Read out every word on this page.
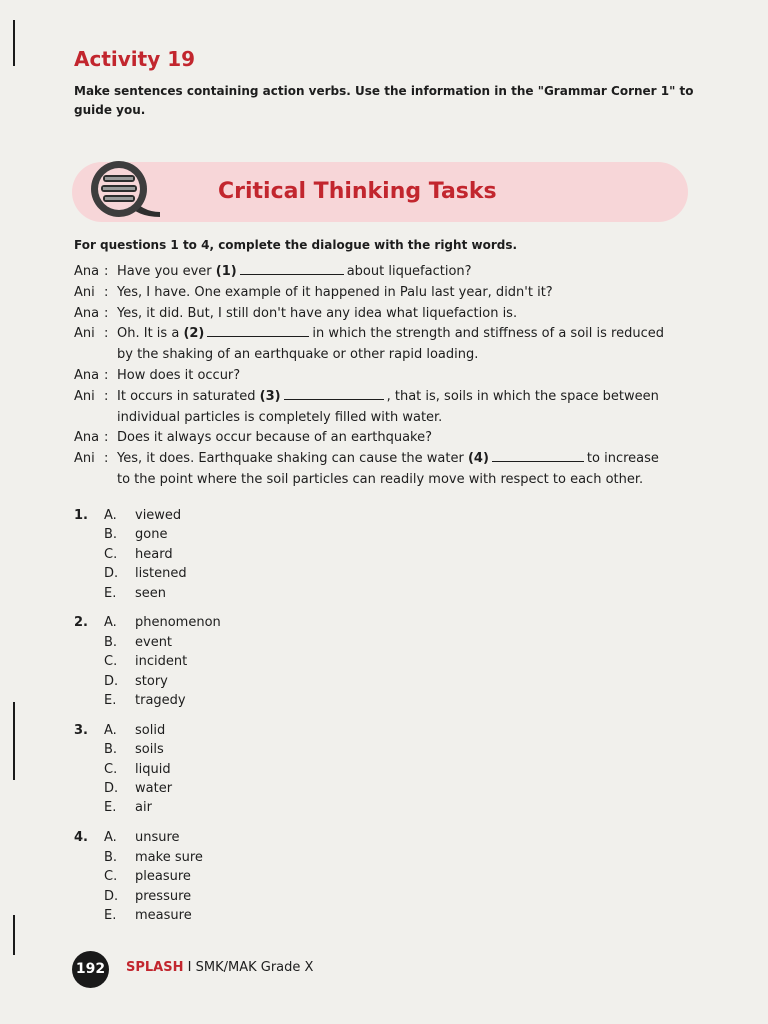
Activity 19
Make sentences containing action verbs. Use the information in the "Grammar Corner 1" to guide you.
Critical Thinking Tasks
For questions 1 to 4, complete the dialogue with the right words.
Ana : Have you ever (1)	about liquefaction?
Ani : Yes, I have. One example of it happened in Palu last year, didn't it?
Ana : Yes, it did. But, I still don't have any idea what liquefaction is.
Ani : Oh. It is a (2)	in which the strength and stiffness of a soil is reduced
by the shaking of an earthquake or other rapid loading.
Ana : How does it occur?
Ani : It occurs in saturated (3)	, that is, soils in which the space between
individual particles is completely filled with water.
Ana : Does it always occur because of an earthquake?
Ani : Yes, it does. Earthquake shaking can cause the water (4)	to increase
to the point where the soil particles can readily move with respect to each other.
1. A. viewed
B. gone
C. heard
D. listened
E. seen
2. A. phenomenon
B. event
C. incident
D. story
E. tragedy
3. A. solid
B. soils
C. liquid
D. water
E. air
4. A. unsure
B. make sure
C. pleasure
D. pressure
E. measure
192 SPLASH I SMK/MAK Grade X
